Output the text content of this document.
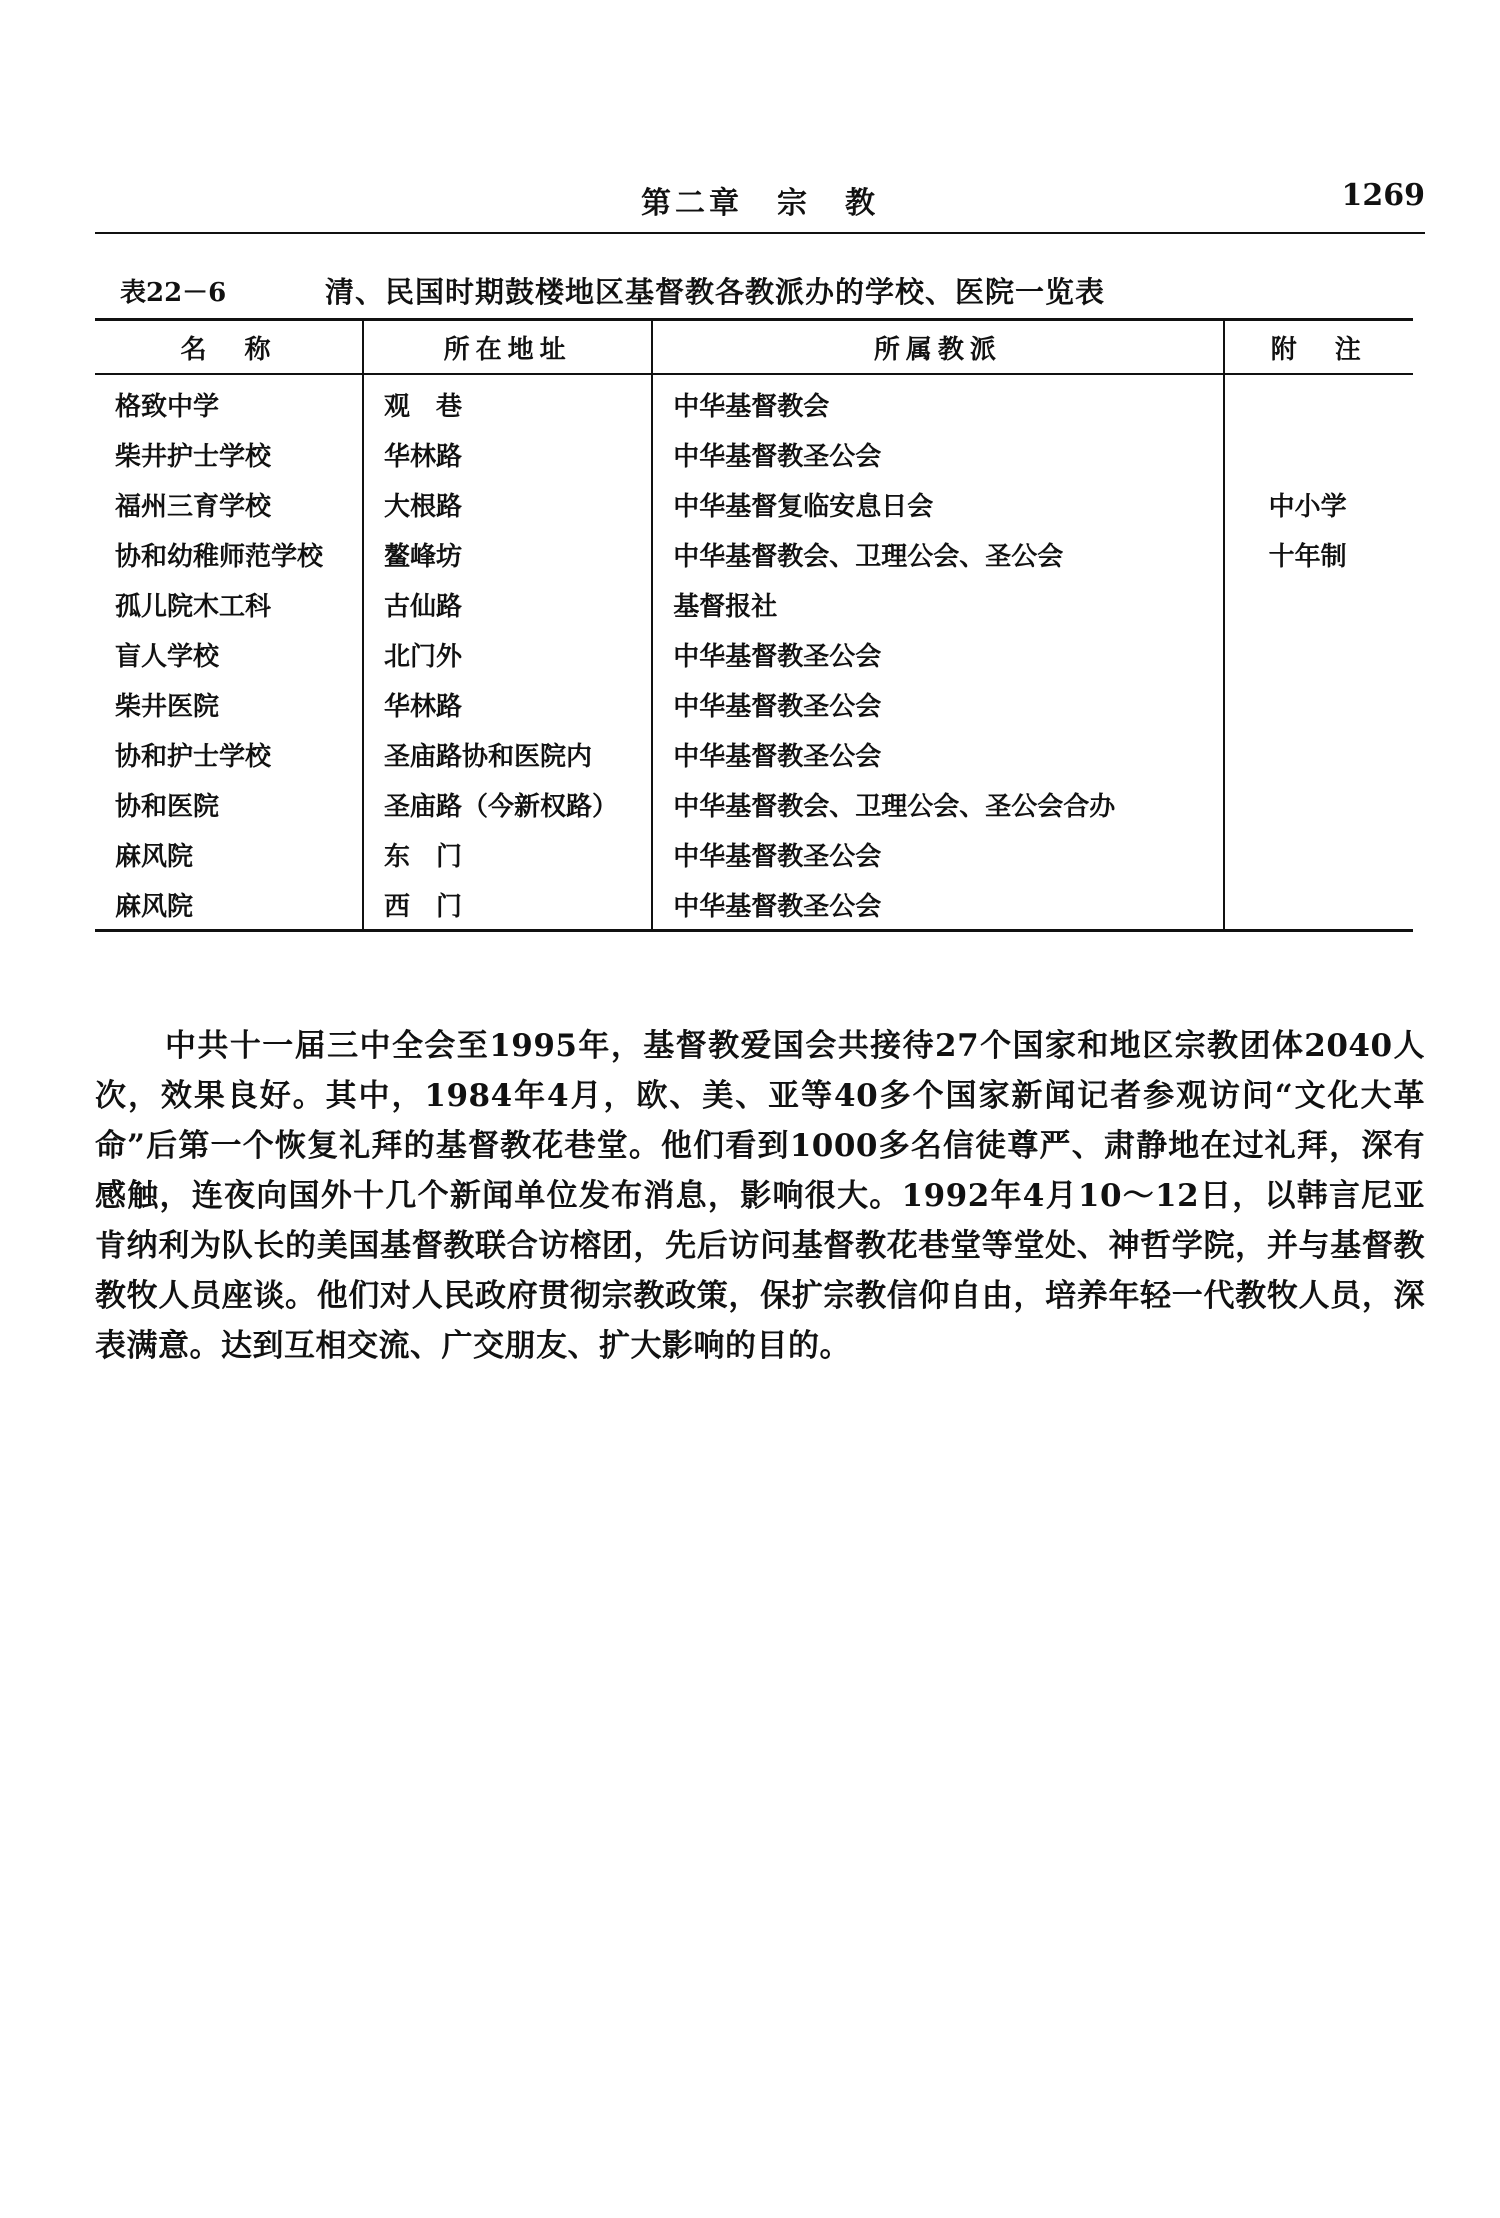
第二章　宗　教	1269
表22－6	清、民国时期鼓楼地区基督教各教派办的学校、医院一览表
名　称	所在地址	所属教派	附　注
格致中学	观　巷	中华基督教会	
柴井护士学校	华林路	中华基督教圣公会	
福州三育学校	大根路	中华基督复临安息日会	中小学
协和幼稚师范学校	鳌峰坊	中华基督教会、卫理公会、圣公会	十年制
孤儿院木工科	古仙路	基督报社	
盲人学校	北门外	中华基督教圣公会	
柴井医院	华林路	中华基督教圣公会	
协和护士学校	圣庙路协和医院内	中华基督教圣公会	
协和医院	圣庙路（今新权路）	中华基督教会、卫理公会、圣公会合办	
麻风院	东　门	中华基督教圣公会	
麻风院	西　门	中华基督教圣公会	

中共十一届三中全会至1995年，基督教爱国会共接待27个国家和地区宗教团体2040人次，效果良好。其中，1984年4月，欧、美、亚等40多个国家新闻记者参观访问“文化大革命”后第一个恢复礼拜的基督教花巷堂。他们看到1000多名信徒尊严、肃静地在过礼拜，深有感触，连夜向国外十几个新闻单位发布消息，影响很大。1992年4月10～12日，以韩言尼亚肯纳利为队长的美国基督教联合访榕团，先后访问基督教花巷堂等堂处、神哲学院，并与基督教教牧人员座谈。他们对人民政府贯彻宗教政策，保扩宗教信仰自由，培养年轻一代教牧人员，深表满意。达到互相交流、广交朋友、扩大影响的目的。
